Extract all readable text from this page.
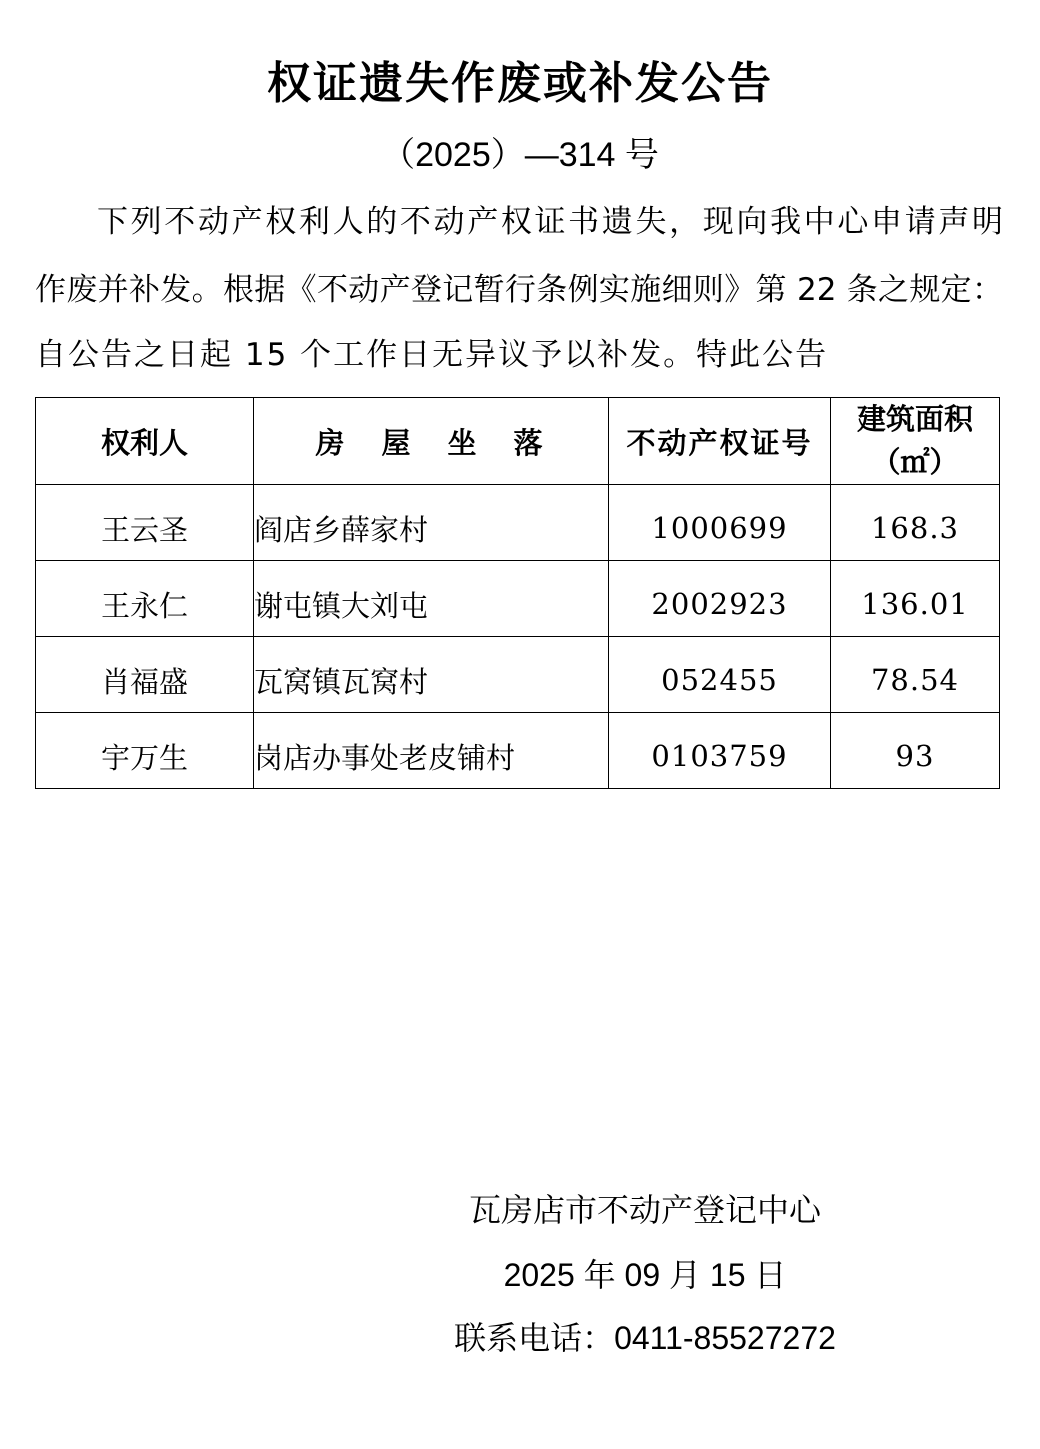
权证遗失作废或补发公告
（2025）—314 号
下列不动产权利人的不动产权证书遗失，现向我中心申请声明
作废并补发。根据《不动产登记暂行条例实施细则》第 22 条之规定：
自公告之日起 15 个工作日无异议予以补发。特此公告
权利人	房　屋　坐　落	不动产权证号	建筑面积
（㎡）

王云圣	阎店乡薛家村	1000699	168.3
王永仁	谢屯镇大刘屯	2002923	136.01
肖福盛	瓦窝镇瓦窝村	052455	78.54
宇万生	岗店办事处老皮铺村	0103759	93
瓦房店市不动产登记中心
2025 年 09 月 15 日
联系电话：0411-85527272
